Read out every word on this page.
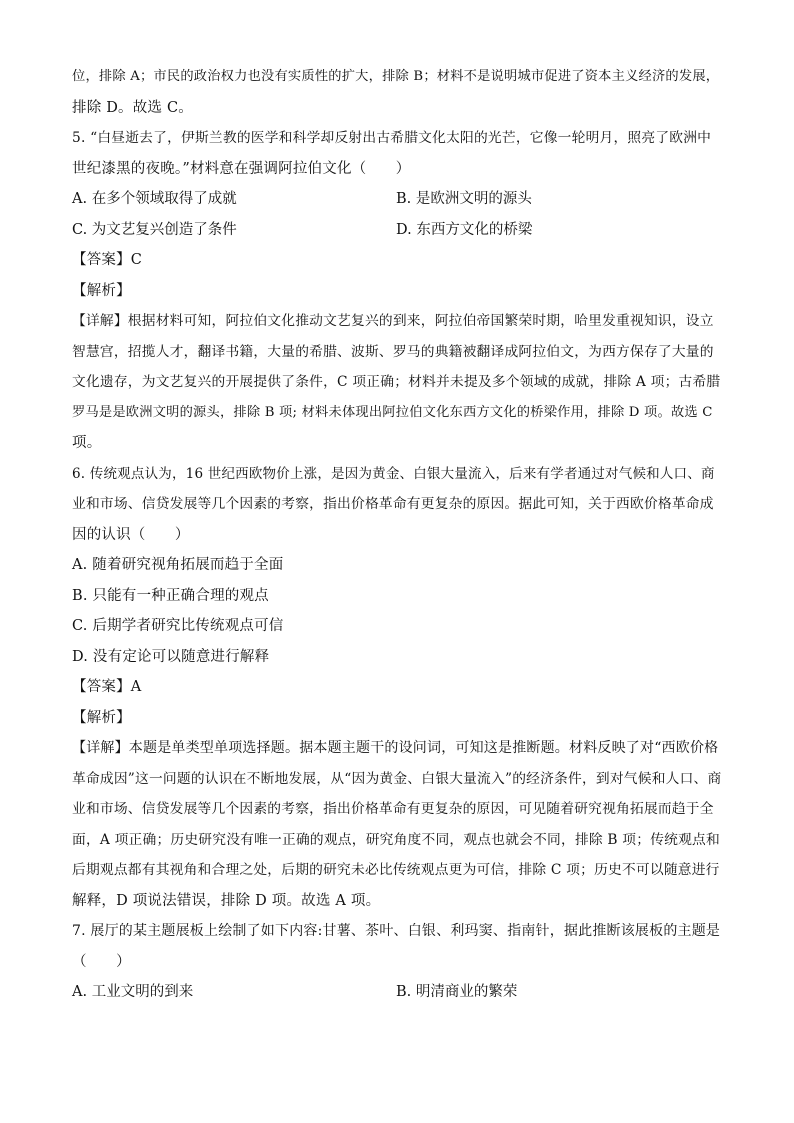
位，排除 A；市民的政治权力也没有实质性的扩大，排除 B；材料不是说明城市促进了资本主义经济的发展，
排除 D。故选 C。
5. “白昼逝去了，伊斯兰教的医学和科学却反射出古希腊文化太阳的光芒，它像一轮明月，照亮了欧洲中
世纪漆黑的夜晚。”材料意在强调阿拉伯文化（　　）
A. 在多个领域取得了成就	B. 是欧洲文明的源头
C. 为文艺复兴创造了条件	D. 东西方文化的桥梁
【答案】C
【解析】
【详解】根据材料可知，阿拉伯文化推动文艺复兴的到来，阿拉伯帝国繁荣时期，哈里发重视知识，设立
智慧宫，招揽人才，翻译书籍，大量的希腊、波斯、罗马的典籍被翻译成阿拉伯文，为西方保存了大量的
文化遗存，为文艺复兴的开展提供了条件，C 项正确；材料并未提及多个领域的成就，排除 A 项；古希腊
罗马是是欧洲文明的源头，排除 B 项; 材料未体现出阿拉伯文化东西方文化的桥梁作用，排除 D 项。故选 C
项。
6. 传统观点认为，16 世纪西欧物价上涨，是因为黄金、白银大量流入，后来有学者通过对气候和人口、商
业和市场、信贷发展等几个因素的考察，指出价格革命有更复杂的原因。据此可知，关于西欧价格革命成
因的认识（　　）
A. 随着研究视角拓展而趋于全面
B. 只能有一种正确合理的观点
C. 后期学者研究比传统观点可信
D. 没有定论可以随意进行解释
【答案】A
【解析】
【详解】本题是单类型单项选择题。据本题主题干的设问词，可知这是推断题。材料反映了对“西欧价格
革命成因”这一问题的认识在不断地发展，从“因为黄金、白银大量流入”的经济条件，到对气候和人口、商
业和市场、信贷发展等几个因素的考察，指出价格革命有更复杂的原因，可见随着研究视角拓展而趋于全
面，A 项正确；历史研究没有唯一正确的观点，研究角度不同，观点也就会不同，排除 B 项；传统观点和
后期观点都有其视角和合理之处，后期的研究未必比传统观点更为可信，排除 C 项；历史不可以随意进行
解释，D 项说法错误，排除 D 项。故选 A 项。
7. 展厅的某主题展板上绘制了如下内容:甘薯、茶叶、白银、利玛窦、指南针，据此推断该展板的主题是
（　　）
A. 工业文明的到来	B. 明清商业的繁荣
